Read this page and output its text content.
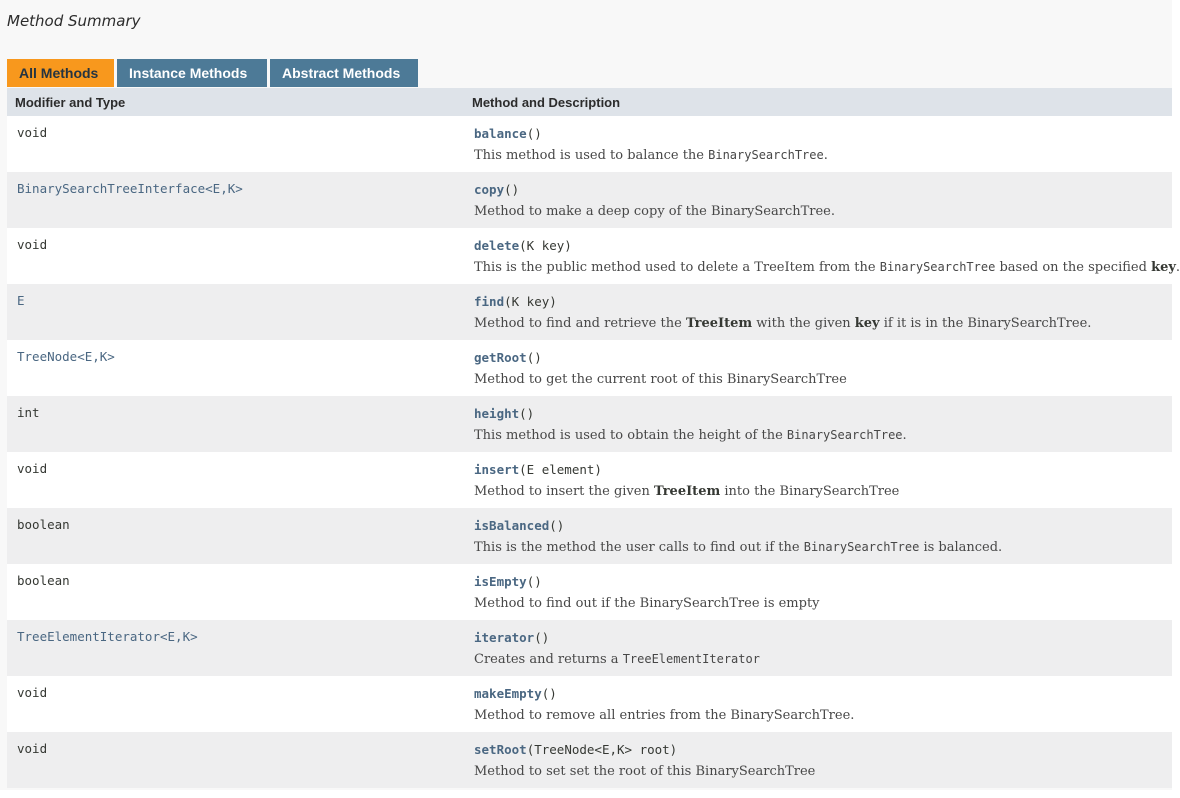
Method Summary
All Methods	Instance Methods	Abstract Methods
Modifier and Type	Method and Description
void	balance()
This method is used to balance the BinarySearchTree.

BinarySearchTreeInterface<E,K>	copy()
Method to make a deep copy of the BinarySearchTree.

void	delete(K key)
This is the public method used to delete a TreeItem from the BinarySearchTree based on the specified key.

E	find(K key)
Method to find and retrieve the TreeItem with the given key if it is in the BinarySearchTree.

TreeNode<E,K>	getRoot()
Method to get the current root of this BinarySearchTree

int	height()
This method is used to obtain the height of the BinarySearchTree.

void	insert(E element)
Method to insert the given TreeItem into the BinarySearchTree

boolean	isBalanced()
This is the method the user calls to find out if the BinarySearchTree is balanced.

boolean	isEmpty()
Method to find out if the BinarySearchTree is empty

TreeElementIterator<E,K>	iterator()
Creates and returns a TreeElementIterator

void	makeEmpty()
Method to remove all entries from the BinarySearchTree.

void	setRoot(TreeNode<E,K> root)
Method to set set the root of this BinarySearchTree
